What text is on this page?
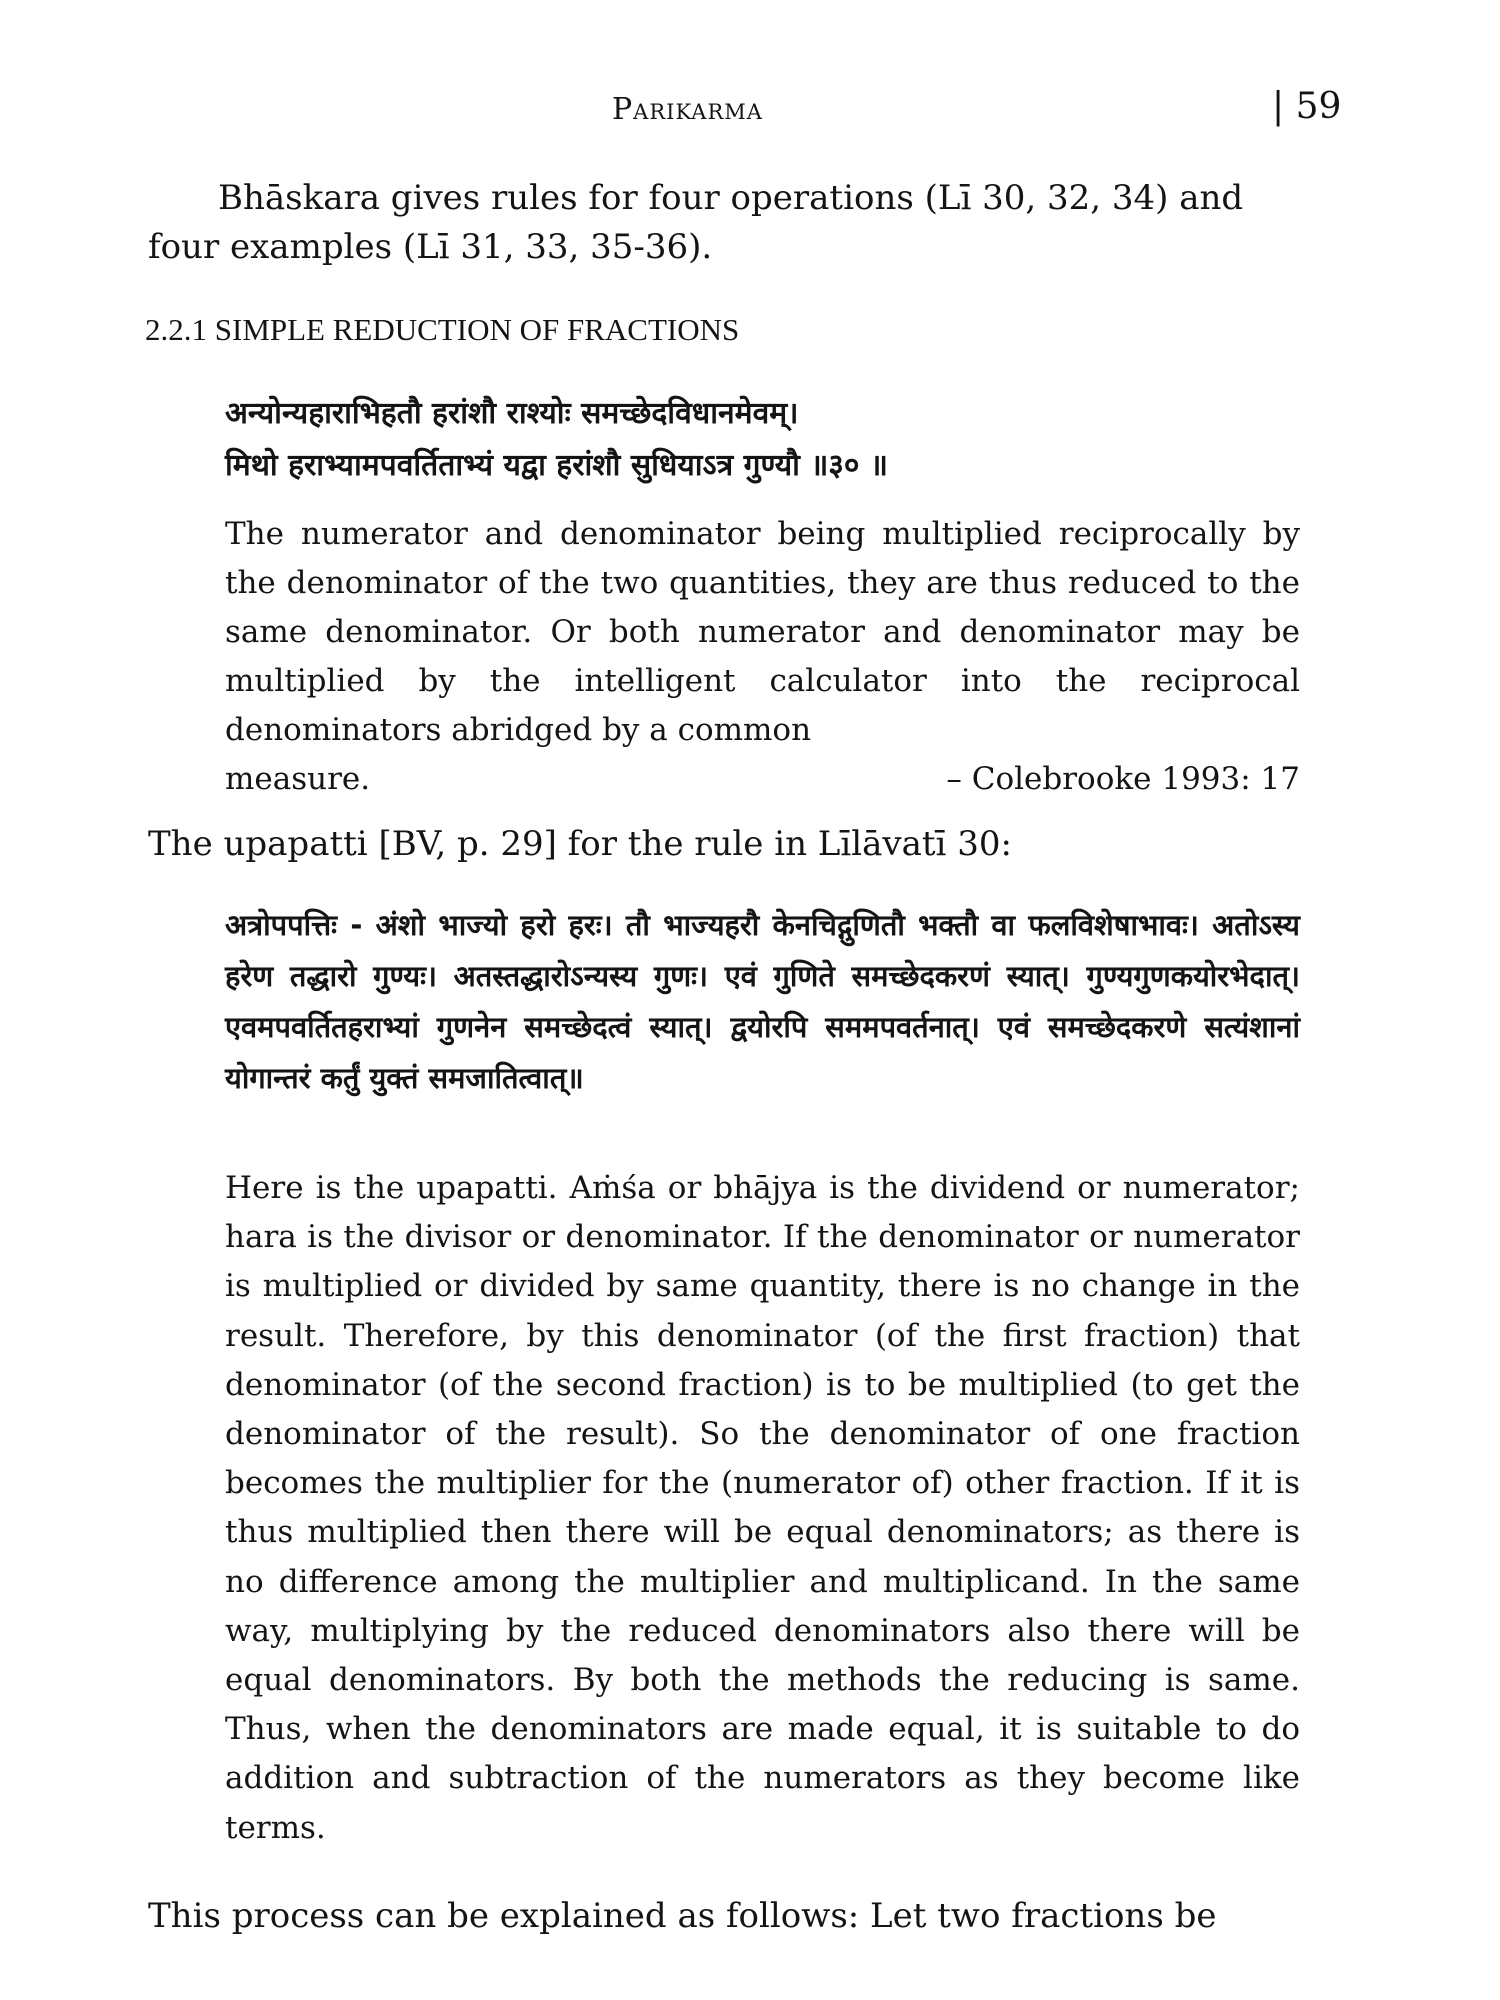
Parikarma	| 59
Bhāskara gives rules for four operations (Lī 30, 32, 34) and
four examples (Lī 31, 33, 35-36).
2.2.1 SIMPLE REDUCTION OF FRACTIONS
अन्योन्यहाराभिहतौ हरांशौ राश्योः समच्छेदविधानमेवम्।
मिथो हराभ्यामपवर्तिताभ्यं यद्वा हरांशौ सुधियाऽत्र गुण्यौ ॥३० ॥

The numerator and denominator being multiplied reciprocally by the denominator of the two quantities, they are thus reduced to the same denominator. Or both numerator and denominator may be multiplied by the intelligent calculator into the reciprocal denominators abridged by a common

measure.	– Colebrooke 1993: 17
The upapatti [BV, p. 29] for the rule in Līlāvatī 30:
अत्रोपपत्तिः - अंशो भाज्यो हरो हरः। तौ भाज्यहरौ केनचिद्गुणितौ भक्तौ वा फलविशेषाभावः। अतोऽस्य हरेण तद्धारो गुण्यः। अतस्तद्धारोऽन्यस्य गुणः। एवं गुणिते समच्छेदकरणं स्यात्। गुण्यगुणकयोरभेदात्। एवमपवर्तितहराभ्यां गुणनेन समच्छेदत्वं स्यात्। द्वयोरपि सममपवर्तनात्। एवं समच्छेदकरणे सत्यंशानां योगान्तरं कर्तुं युक्तं समजातित्वात्॥
Here is the upapatti. Aṁśa or bhājya is the dividend or numerator; hara is the divisor or denominator. If the denominator or numerator is multiplied or divided by same quantity, there is no change in the result. Therefore, by this denominator (of the first fraction) that denominator (of the second fraction) is to be multiplied (to get the denominator of the result). So the denominator of one fraction becomes the multiplier for the (numerator of) other fraction. If it is thus multiplied then there will be equal denominators; as there is no difference among the multiplier and multiplicand. In the same way, multiplying by the reduced denominators also there will be equal denominators. By both the methods the reducing is same. Thus, when the denominators are made equal, it is suitable to do addition and subtraction of the numerators as they become like terms.
This process can be explained as follows: Let two fractions be
